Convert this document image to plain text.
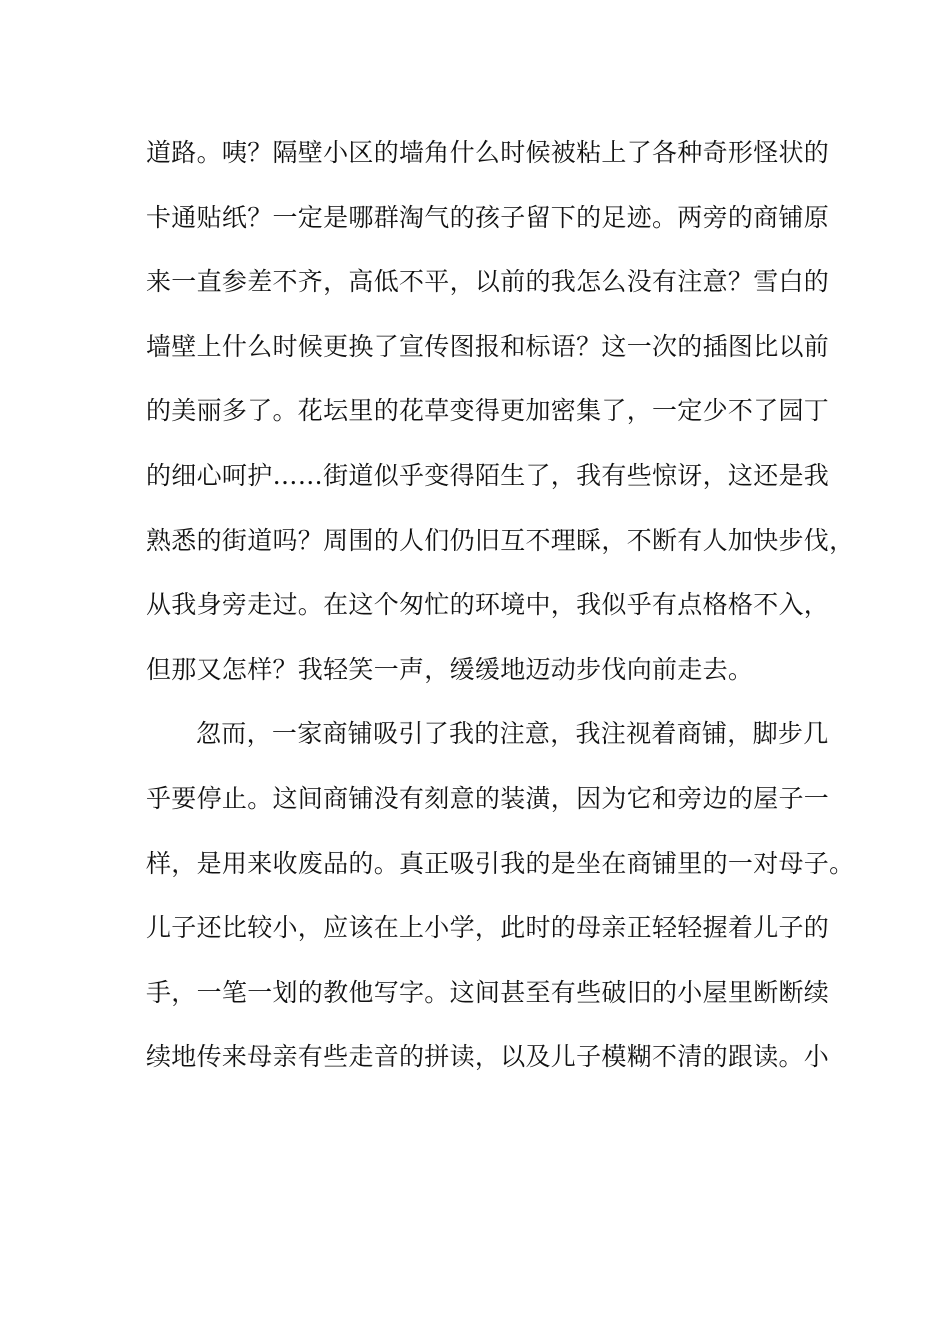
道路。咦？隔壁小区的墙角什么时候被粘上了各种奇形怪状的
卡通贴纸？一定是哪群淘气的孩子留下的足迹。两旁的商铺原
来一直参差不齐，高低不平，以前的我怎么没有注意？雪白的
墙壁上什么时候更换了宣传图报和标语？这一次的插图比以前
的美丽多了。花坛里的花草变得更加密集了，一定少不了园丁
的细心呵护……街道似乎变得陌生了，我有些惊讶，这还是我
熟悉的街道吗？周围的人们仍旧互不理睬，不断有人加快步伐，
从我身旁走过。在这个匆忙的环境中，我似乎有点格格不入，
但那又怎样？我轻笑一声，缓缓地迈动步伐向前走去。
忽而，一家商铺吸引了我的注意，我注视着商铺，脚步几
乎要停止。这间商铺没有刻意的装潢，因为它和旁边的屋子一
样，是用来收废品的。真正吸引我的是坐在商铺里的一对母子。
儿子还比较小，应该在上小学，此时的母亲正轻轻握着儿子的
手，一笔一划的教他写字。这间甚至有些破旧的小屋里断断续
续地传来母亲有些走音的拼读，以及儿子模糊不清的跟读。小
